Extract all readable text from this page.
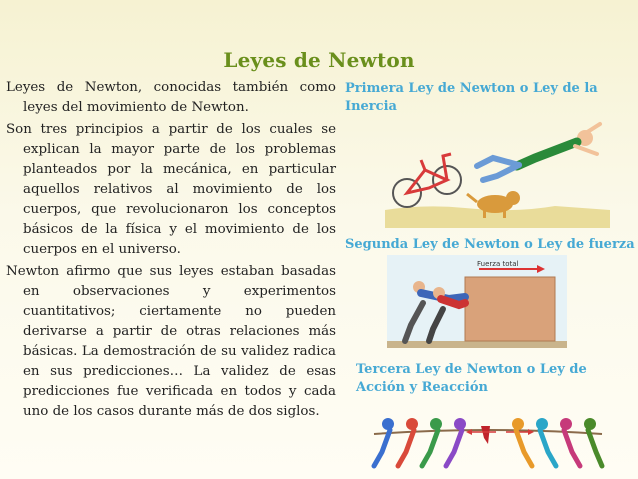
Leyes de Newton

Leyes de Newton, conocidas también como leyes del movimiento de Newton.

Son tres principios a partir de los cuales se explican la mayor parte de los problemas planteados por la mecánica, en particular aquellos relativos al movimiento de los cuerpos, que revolucionaron los conceptos básicos de la física y el movimiento de los cuerpos en el universo.

Newton afirmo que sus leyes estaban basadas en observaciones y experimentos cuantitativos; ciertamente no pueden derivarse a partir de otras relaciones más básicas. La demostración de su validez radica en sus predicciones… La validez de esas predicciones fue verificada en todos y cada uno de los casos durante más de dos siglos.

Primera Ley de Newton o Ley de la Inercia
Segunda Ley de Newton o Ley de fuerza
Fuerza total
Tercera Ley de Newton o Ley de Acción y Reacción
